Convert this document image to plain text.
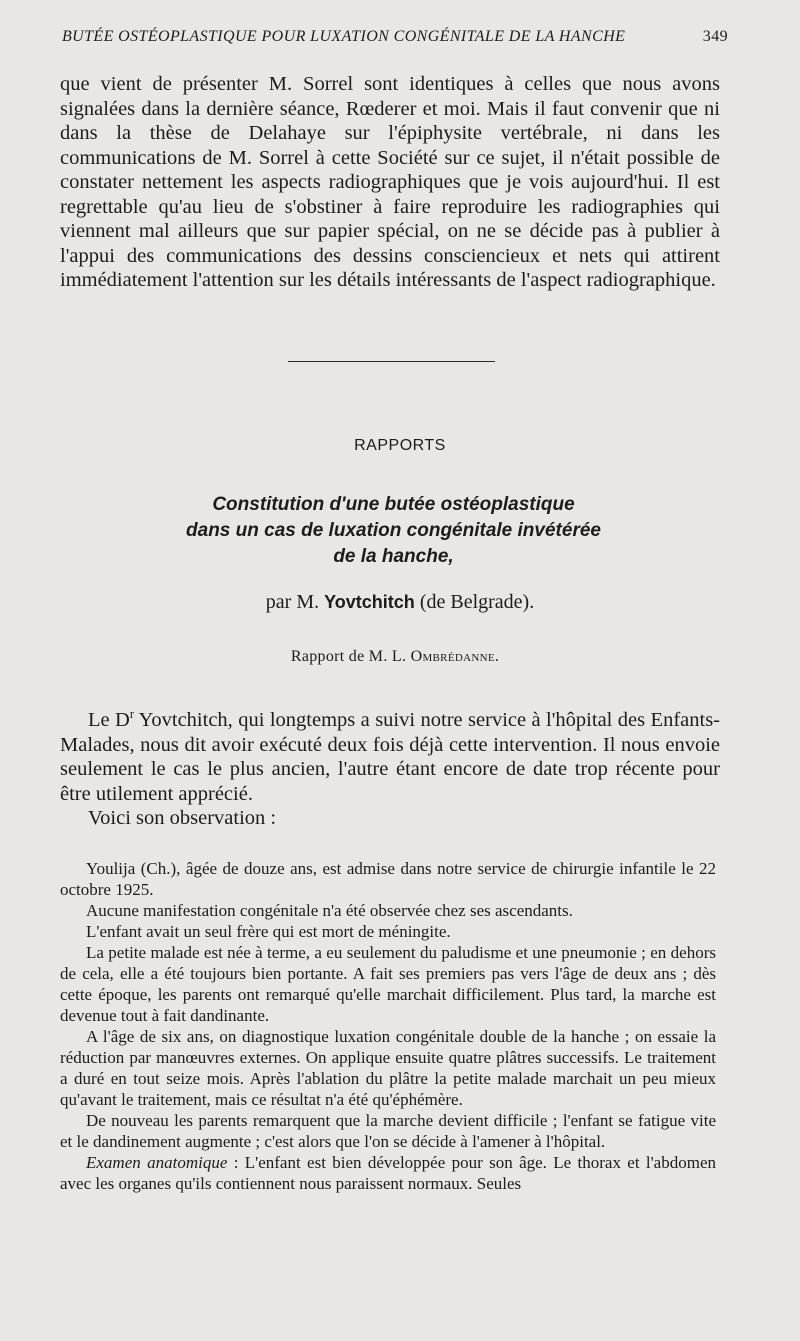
BUTÉE OSTÉOPLASTIQUE POUR LUXATION CONGÉNITALE DE LA HANCHE	349

que vient de présenter M. Sorrel sont identiques à celles que nous avons signalées dans la dernière séance, Rœderer et moi. Mais il faut convenir que ni dans la thèse de Delahaye sur l'épiphysite vertébrale, ni dans les communications de M. Sorrel à cette Société sur ce sujet, il n'était possible de constater nettement les aspects radiographiques que je vois aujourd'hui. Il est regrettable qu'au lieu de s'obstiner à faire reproduire les radiographies qui viennent mal ailleurs que sur papier spécial, on ne se décide pas à publier à l'appui des communications des dessins consciencieux et nets qui attirent immédiatement l'attention sur les détails intéressants de l'aspect radiographique.

RAPPORTS
Constitution d'une butée ostéoplastique
dans un cas de luxation congénitale invétérée
de la hanche,
par M. Yovtchitch (de Belgrade).
Rapport de M. L. Ombrédanne.

Le $D^r$ Yovtchitch, qui longtemps a suivi notre service à l'hôpital des Enfants-Malades, nous dit avoir exécuté deux fois déjà cette intervention. Il nous envoie seulement le cas le plus ancien, l'autre étant encore de date trop récente pour être utilement apprécié.

Voici son observation :

Youlija (Ch.), âgée de douze ans, est admise dans notre service de chirurgie infantile le 22 octobre 1925.

Aucune manifestation congénitale n'a été observée chez ses ascendants.

L'enfant avait un seul frère qui est mort de méningite.

La petite malade est née à terme, a eu seulement du paludisme et une pneumonie ; en dehors de cela, elle a été toujours bien portante. A fait ses premiers pas vers l'âge de deux ans ; dès cette époque, les parents ont remarqué qu'elle marchait difficilement. Plus tard, la marche est devenue tout à fait dandinante.

A l'âge de six ans, on diagnostique luxation congénitale double de la hanche ; on essaie la réduction par manœuvres externes. On applique ensuite quatre plâtres successifs. Le traitement a duré en tout seize mois. Après l'ablation du plâtre la petite malade marchait un peu mieux qu'avant le traitement, mais ce résultat n'a été qu'éphémère.

De nouveau les parents remarquent que la marche devient difficile ; l'enfant se fatigue vite et le dandinement augmente ; c'est alors que l'on se décide à l'amener à l'hôpital.

Examen anatomique : L'enfant est bien développée pour son âge. Le thorax et l'abdomen avec les organes qu'ils contiennent nous paraissent normaux. Seules
